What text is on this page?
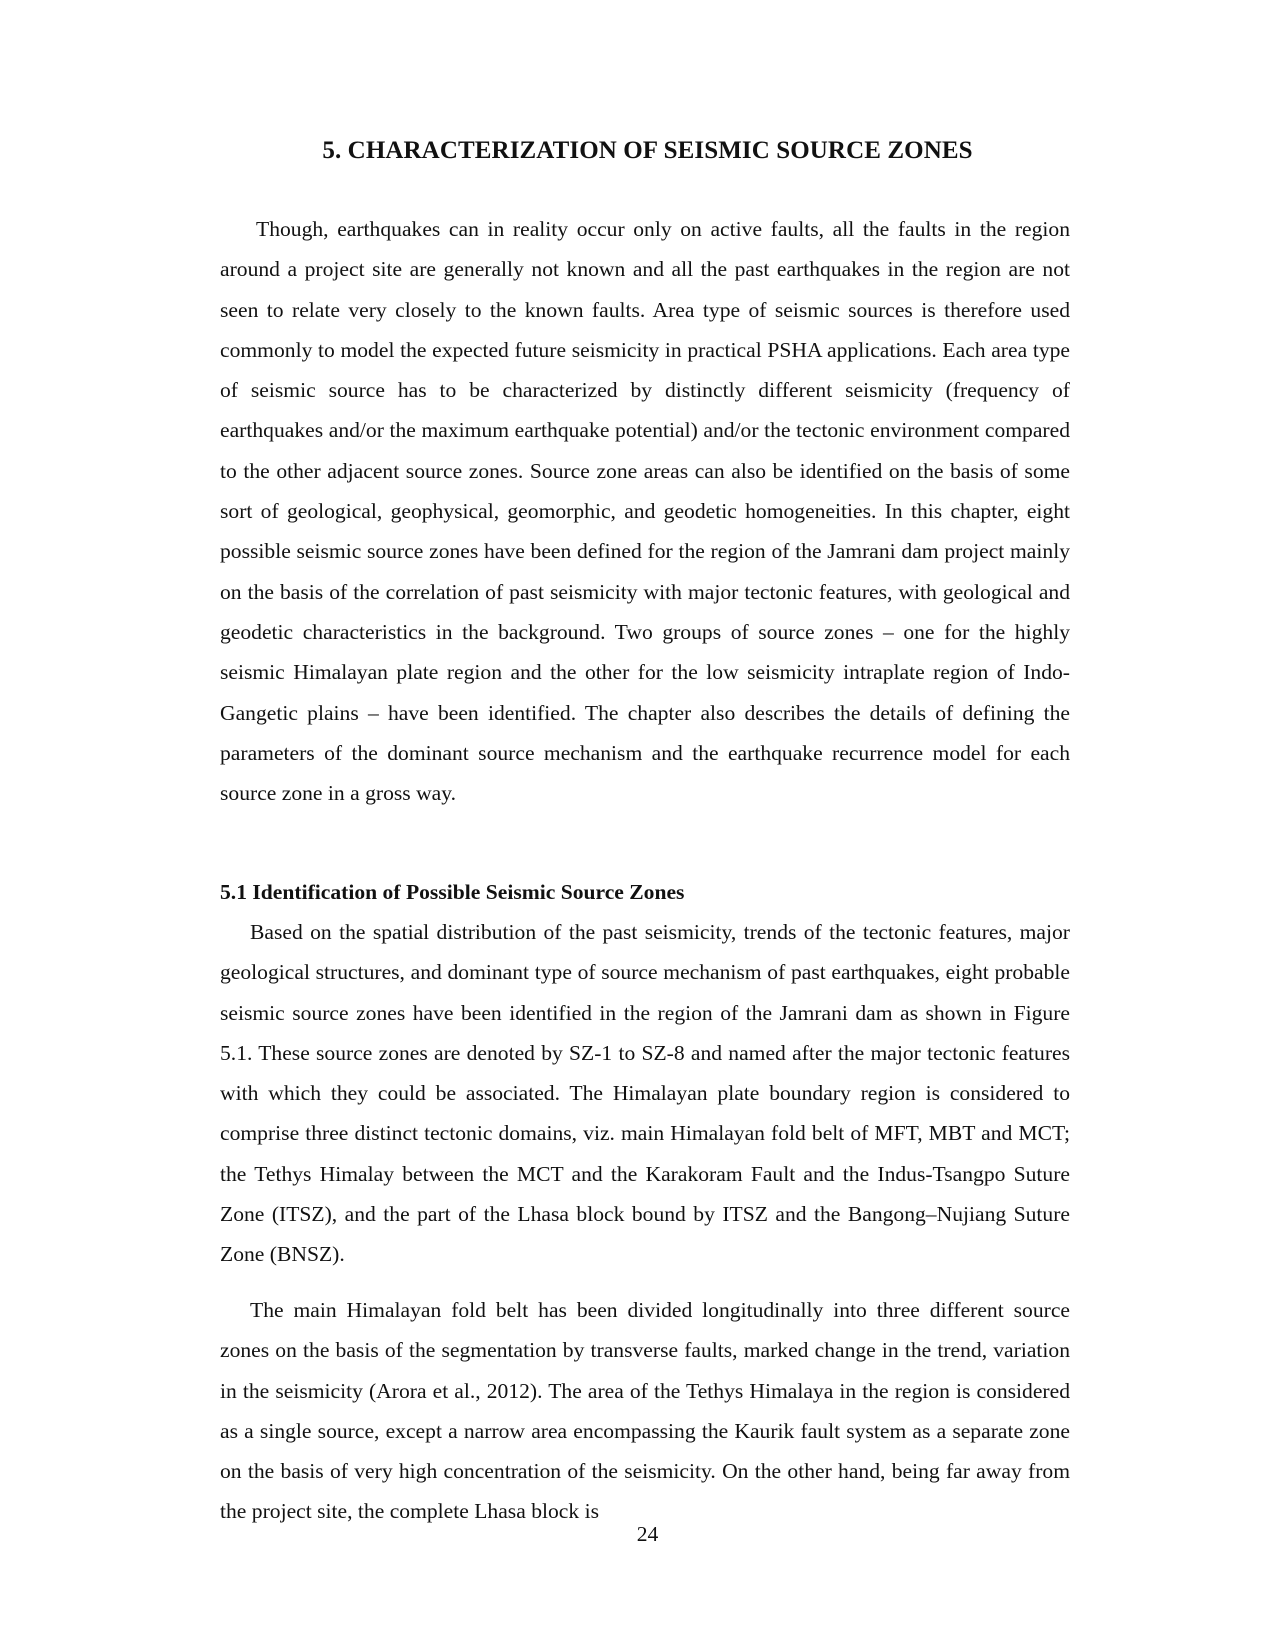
5. CHARACTERIZATION OF SEISMIC SOURCE ZONES

Though, earthquakes can in reality occur only on active faults, all the faults in the region around a project site are generally not known and all the past earthquakes in the region are not seen to relate very closely to the known faults. Area type of seismic sources is therefore used commonly to model the expected future seismicity in practical PSHA applications. Each area type of seismic source has to be characterized by distinctly different seismicity (frequency of earthquakes and/or the maximum earthquake potential) and/or the tectonic environment compared to the other adjacent source zones. Source zone areas can also be identified on the basis of some sort of geological, geophysical, geomorphic, and geodetic homogeneities. In this chapter, eight possible seismic source zones have been defined for the region of the Jamrani dam project mainly on the basis of the correlation of past seismicity with major tectonic features, with geological and geodetic characteristics in the background. Two groups of source zones – one for the highly seismic Himalayan plate region and the other for the low seismicity intraplate region of Indo-Gangetic plains – have been identified. The chapter also describes the details of defining the parameters of the dominant source mechanism and the earthquake recurrence model for each source zone in a gross way.

5.1 Identification of Possible Seismic Source Zones

Based on the spatial distribution of the past seismicity, trends of the tectonic features, major geological structures, and dominant type of source mechanism of past earthquakes, eight probable seismic source zones have been identified in the region of the Jamrani dam as shown in Figure 5.1. These source zones are denoted by SZ-1 to SZ-8 and named after the major tectonic features with which they could be associated. The Himalayan plate boundary region is considered to comprise three distinct tectonic domains, viz. main Himalayan fold belt of MFT, MBT and MCT; the Tethys Himalay between the MCT and the Karakoram Fault and the Indus-Tsangpo Suture Zone (ITSZ), and the part of the Lhasa block bound by ITSZ and the Bangong–Nujiang Suture Zone (BNSZ).

The main Himalayan fold belt has been divided longitudinally into three different source zones on the basis of the segmentation by transverse faults, marked change in the trend, variation in the seismicity (Arora et al., 2012). The area of the Tethys Himalaya in the region is considered as a single source, except a narrow area encompassing the Kaurik fault system as a separate zone on the basis of very high concentration of the seismicity. On the other hand, being far away from the project site, the complete Lhasa block is

24
